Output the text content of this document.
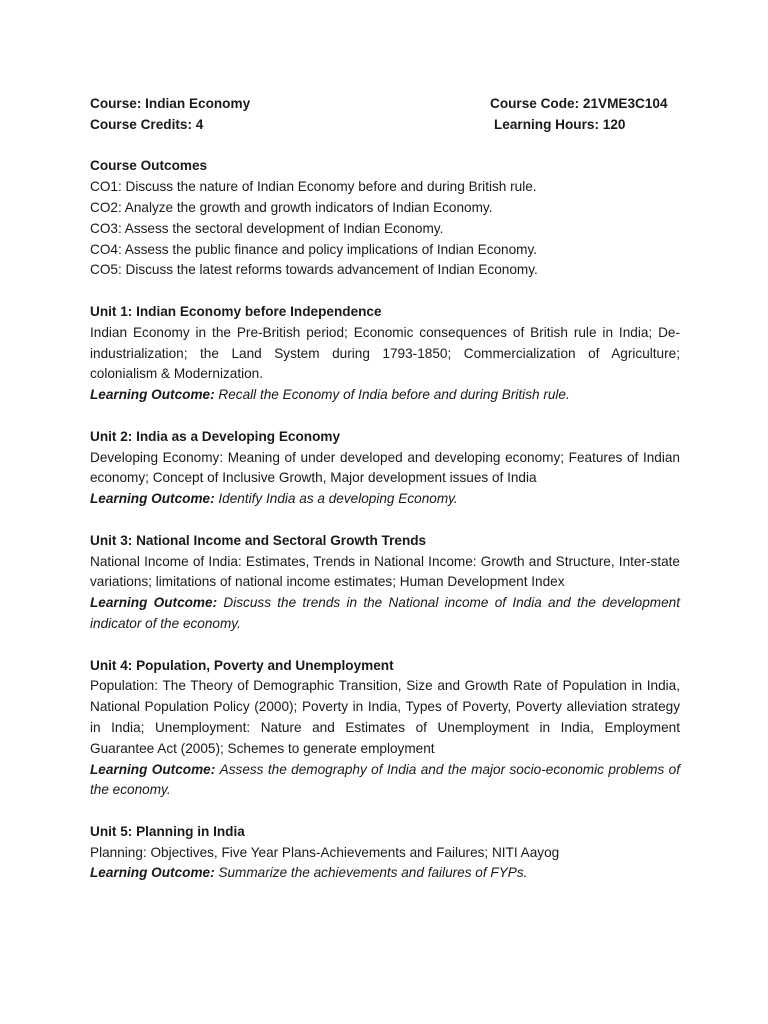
Course: Indian Economy	Course Code: 21VME3C104
Course Credits: 4	Learning Hours: 120

Course Outcomes

CO1: Discuss the nature of Indian Economy before and during British rule.

CO2: Analyze the growth and growth indicators of Indian Economy.

CO3: Assess the sectoral development of Indian Economy.

CO4: Assess the public finance and policy implications of Indian Economy.

CO5: Discuss the latest reforms towards advancement of Indian Economy.

Unit 1: Indian Economy before Independence

Indian Economy in the Pre-British period; Economic consequences of British rule in India; De-industrialization; the Land System during 1793-1850; Commercialization of Agriculture; colonialism & Modernization.

Learning Outcome: Recall the Economy of India before and during British rule.

Unit 2: India as a Developing Economy

Developing Economy: Meaning of under developed and developing economy; Features of Indian economy; Concept of Inclusive Growth, Major development issues of India

Learning Outcome: Identify India as a developing Economy.

Unit 3: National Income and Sectoral Growth Trends

National Income of India: Estimates, Trends in National Income: Growth and Structure, Inter-state variations; limitations of national income estimates; Human Development Index

Learning Outcome: Discuss the trends in the National income of India and the development indicator of the economy.

Unit 4: Population, Poverty and Unemployment

Population: The Theory of Demographic Transition, Size and Growth Rate of Population in India, National Population Policy (2000); Poverty in India, Types of Poverty, Poverty alleviation strategy in India; Unemployment: Nature and Estimates of Unemployment in India, Employment Guarantee Act (2005); Schemes to generate employment

Learning Outcome: Assess the demography of India and the major socio-economic problems of the economy.

Unit 5: Planning in India

Planning: Objectives, Five Year Plans-Achievements and Failures; NITI Aayog

Learning Outcome: Summarize the achievements and failures of FYPs.
